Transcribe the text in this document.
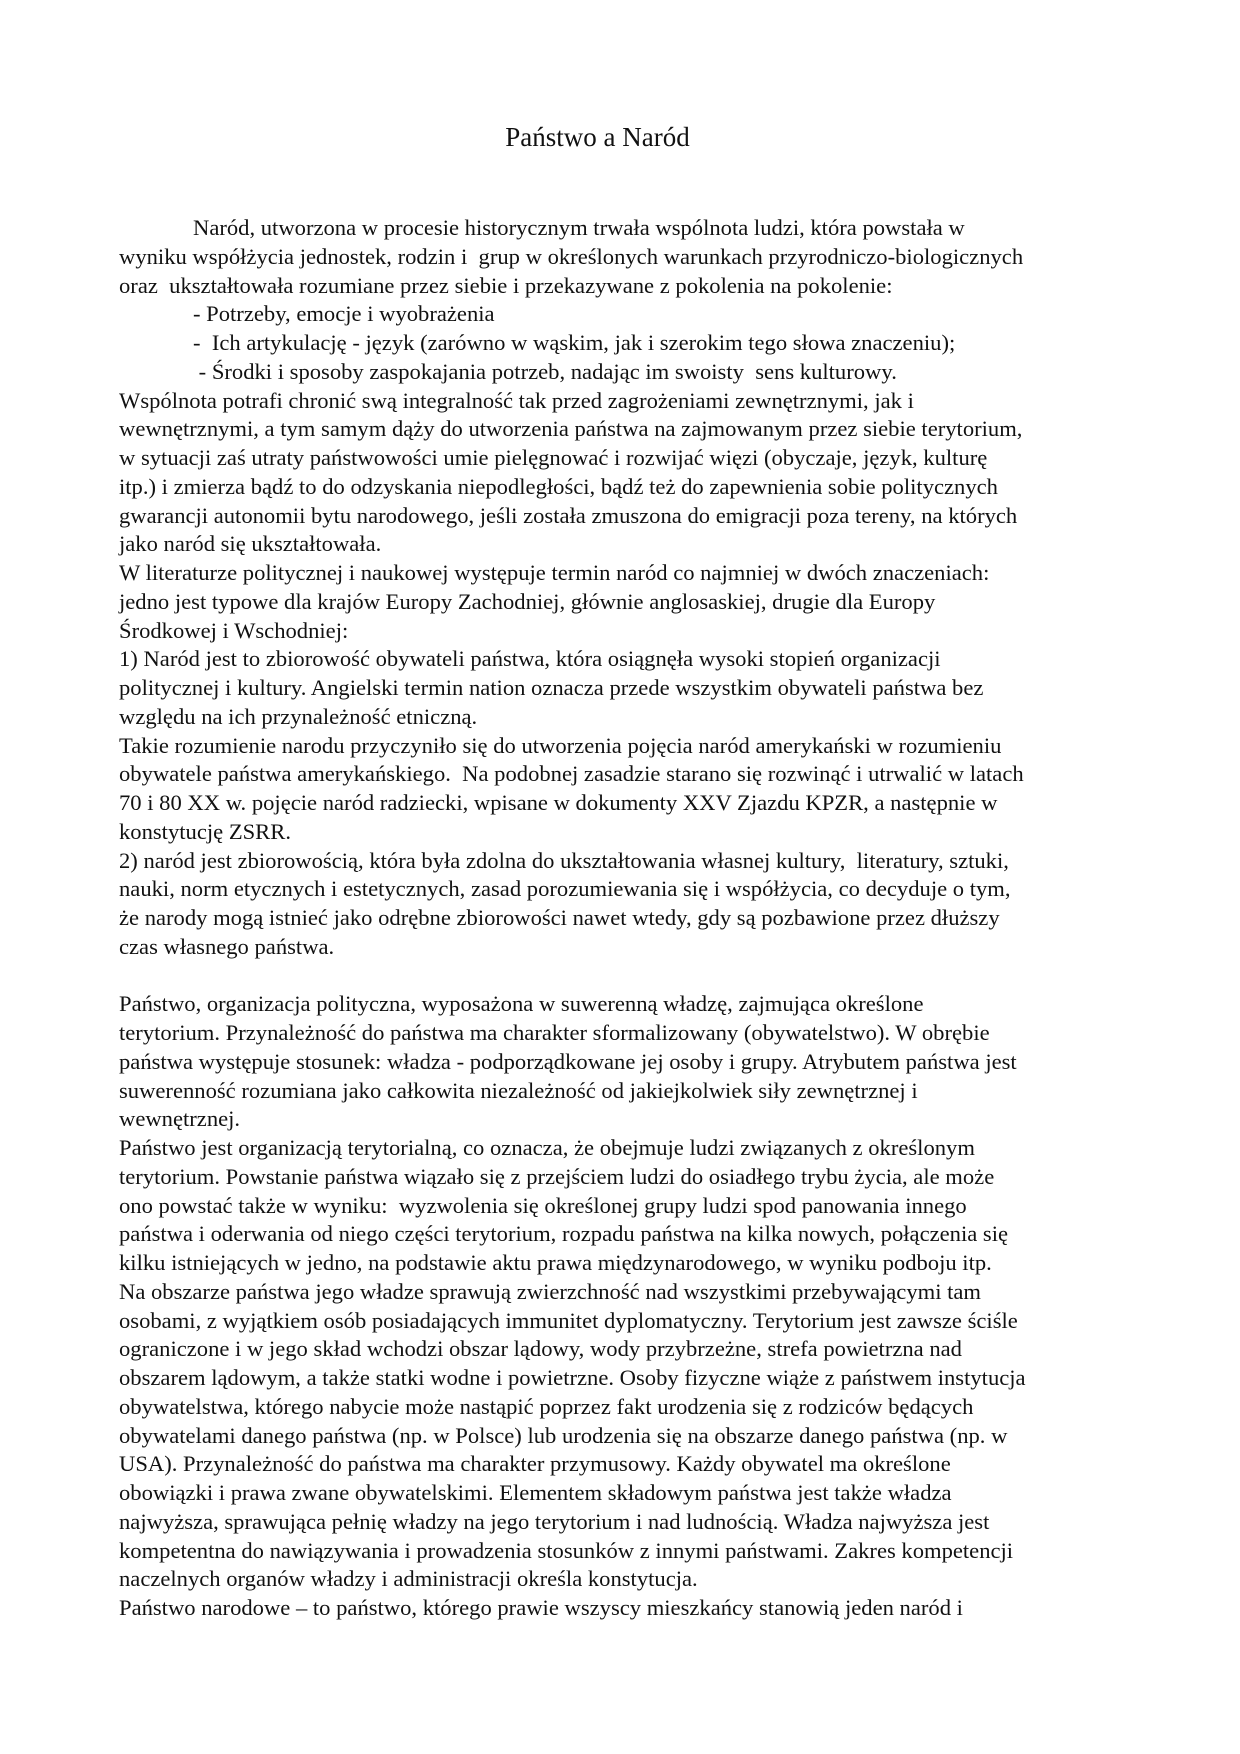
Państwo a Naród
Naród, utworzona w procesie historycznym trwała wspólnota ludzi, która powstała w
wyniku współżycia jednostek, rodzin i  grup w określonych warunkach przyrodniczo-biologicznych
oraz  ukształtowała rozumiane przez siebie i przekazywane z pokolenia na pokolenie:
- Potrzeby, emocje i wyobrażenia
-  Ich artykulację - język (zarówno w wąskim, jak i szerokim tego słowa znaczeniu);
- Środki i sposoby zaspokajania potrzeb, nadając im swoisty  sens kulturowy.
Wspólnota potrafi chronić swą integralność tak przed zagrożeniami zewnętrznymi, jak i
wewnętrznymi, a tym samym dąży do utworzenia państwa na zajmowanym przez siebie terytorium,
w sytuacji zaś utraty państwowości umie pielęgnować i rozwijać więzi (obyczaje, język, kulturę
itp.) i zmierza bądź to do odzyskania niepodległości, bądź też do zapewnienia sobie politycznych
gwarancji autonomii bytu narodowego, jeśli została zmuszona do emigracji poza tereny, na których
jako naród się ukształtowała.
W literaturze politycznej i naukowej występuje termin naród co najmniej w dwóch znaczeniach:
jedno jest typowe dla krajów Europy Zachodniej, głównie anglosaskiej, drugie dla Europy
Środkowej i Wschodniej:
1) Naród jest to zbiorowość obywateli państwa, która osiągnęła wysoki stopień organizacji
politycznej i kultury. Angielski termin nation oznacza przede wszystkim obywateli państwa bez
względu na ich przynależność etniczną.
Takie rozumienie narodu przyczyniło się do utworzenia pojęcia naród amerykański w rozumieniu
obywatele państwa amerykańskiego.  Na podobnej zasadzie starano się rozwinąć i utrwalić w latach
70 i 80 XX w. pojęcie naród radziecki, wpisane w dokumenty XXV Zjazdu KPZR, a następnie w
konstytucję ZSRR.
2) naród jest zbiorowością, która była zdolna do ukształtowania własnej kultury,  literatury, sztuki,
nauki, norm etycznych i estetycznych, zasad porozumiewania się i współżycia, co decyduje o tym,
że narody mogą istnieć jako odrębne zbiorowości nawet wtedy, gdy są pozbawione przez dłuższy
czas własnego państwa.
Państwo, organizacja polityczna, wyposażona w suwerenną władzę, zajmująca określone
terytorium. Przynależność do państwa ma charakter sformalizowany (obywatelstwo). W obrębie
państwa występuje stosunek: władza - podporządkowane jej osoby i grupy. Atrybutem państwa jest
suwerenność rozumiana jako całkowita niezależność od jakiejkolwiek siły zewnętrznej i
wewnętrznej.
Państwo jest organizacją terytorialną, co oznacza, że obejmuje ludzi związanych z określonym
terytorium. Powstanie państwa wiązało się z przejściem ludzi do osiadłego trybu życia, ale może
ono powstać także w wyniku:  wyzwolenia się określonej grupy ludzi spod panowania innego
państwa i oderwania od niego części terytorium, rozpadu państwa na kilka nowych, połączenia się
kilku istniejących w jedno, na podstawie aktu prawa międzynarodowego, w wyniku podboju itp.
Na obszarze państwa jego władze sprawują zwierzchność nad wszystkimi przebywającymi tam
osobami, z wyjątkiem osób posiadających immunitet dyplomatyczny. Terytorium jest zawsze ściśle
ograniczone i w jego skład wchodzi obszar lądowy, wody przybrzeżne, strefa powietrzna nad
obszarem lądowym, a także statki wodne i powietrzne. Osoby fizyczne wiąże z państwem instytucja
obywatelstwa, którego nabycie może nastąpić poprzez fakt urodzenia się z rodziców będących
obywatelami danego państwa (np. w Polsce) lub urodzenia się na obszarze danego państwa (np. w
USA). Przynależność do państwa ma charakter przymusowy. Każdy obywatel ma określone
obowiązki i prawa zwane obywatelskimi. Elementem składowym państwa jest także władza
najwyższa, sprawująca pełnię władzy na jego terytorium i nad ludnością. Władza najwyższa jest
kompetentna do nawiązywania i prowadzenia stosunków z innymi państwami. Zakres kompetencji
naczelnych organów władzy i administracji określa konstytucja.
Państwo narodowe – to państwo, którego prawie wszyscy mieszkańcy stanowią jeden naród i
